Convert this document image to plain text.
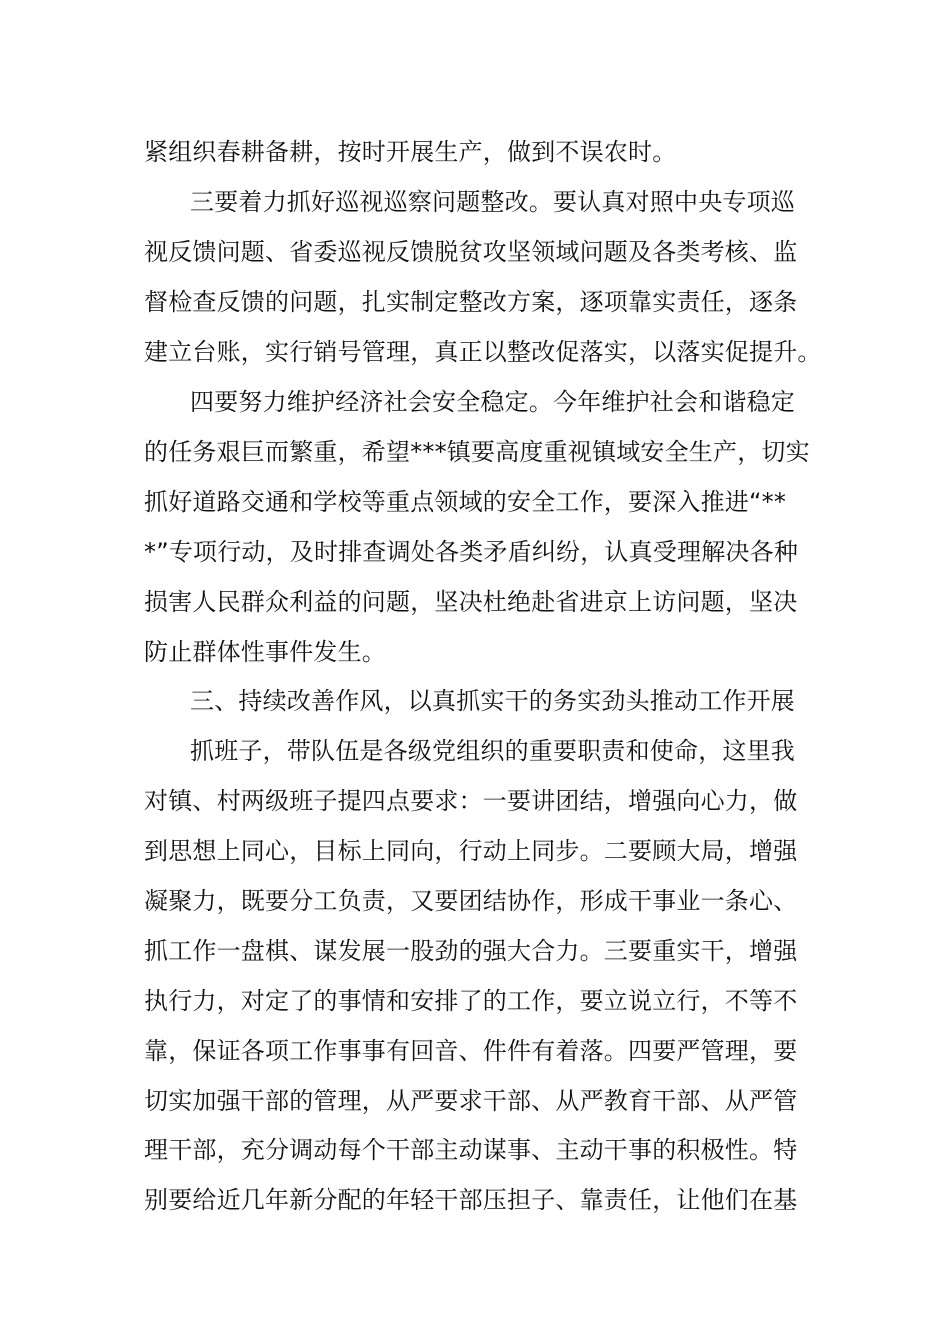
紧组织春耕备耕，按时开展生产，做到不误农时。
三要着力抓好巡视巡察问题整改。要认真对照中央专项巡
视反馈问题、省委巡视反馈脱贫攻坚领域问题及各类考核、监
督检查反馈的问题，扎实制定整改方案，逐项靠实责任，逐条
建立台账，实行销号管理，真正以整改促落实，以落实促提升。
四要努力维护经济社会安全稳定。今年维护社会和谐稳定
的任务艰巨而繁重，希望***镇要高度重视镇域安全生产，切实
抓好道路交通和学校等重点领域的安全工作，要深入推进“**
*”专项行动，及时排查调处各类矛盾纠纷，认真受理解决各种
损害人民群众利益的问题，坚决杜绝赴省进京上访问题，坚决
防止群体性事件发生。
三、持续改善作风，以真抓实干的务实劲头推动工作开展
抓班子，带队伍是各级党组织的重要职责和使命，这里我
对镇、村两级班子提四点要求：一要讲团结，增强向心力，做
到思想上同心，目标上同向，行动上同步。二要顾大局，增强
凝聚力，既要分工负责，又要团结协作，形成干事业一条心、
抓工作一盘棋、谋发展一股劲的强大合力。三要重实干，增强
执行力，对定了的事情和安排了的工作，要立说立行，不等不
靠，保证各项工作事事有回音、件件有着落。四要严管理，要
切实加强干部的管理，从严要求干部、从严教育干部、从严管
理干部，充分调动每个干部主动谋事、主动干事的积极性。特
别要给近几年新分配的年轻干部压担子、靠责任，让他们在基
